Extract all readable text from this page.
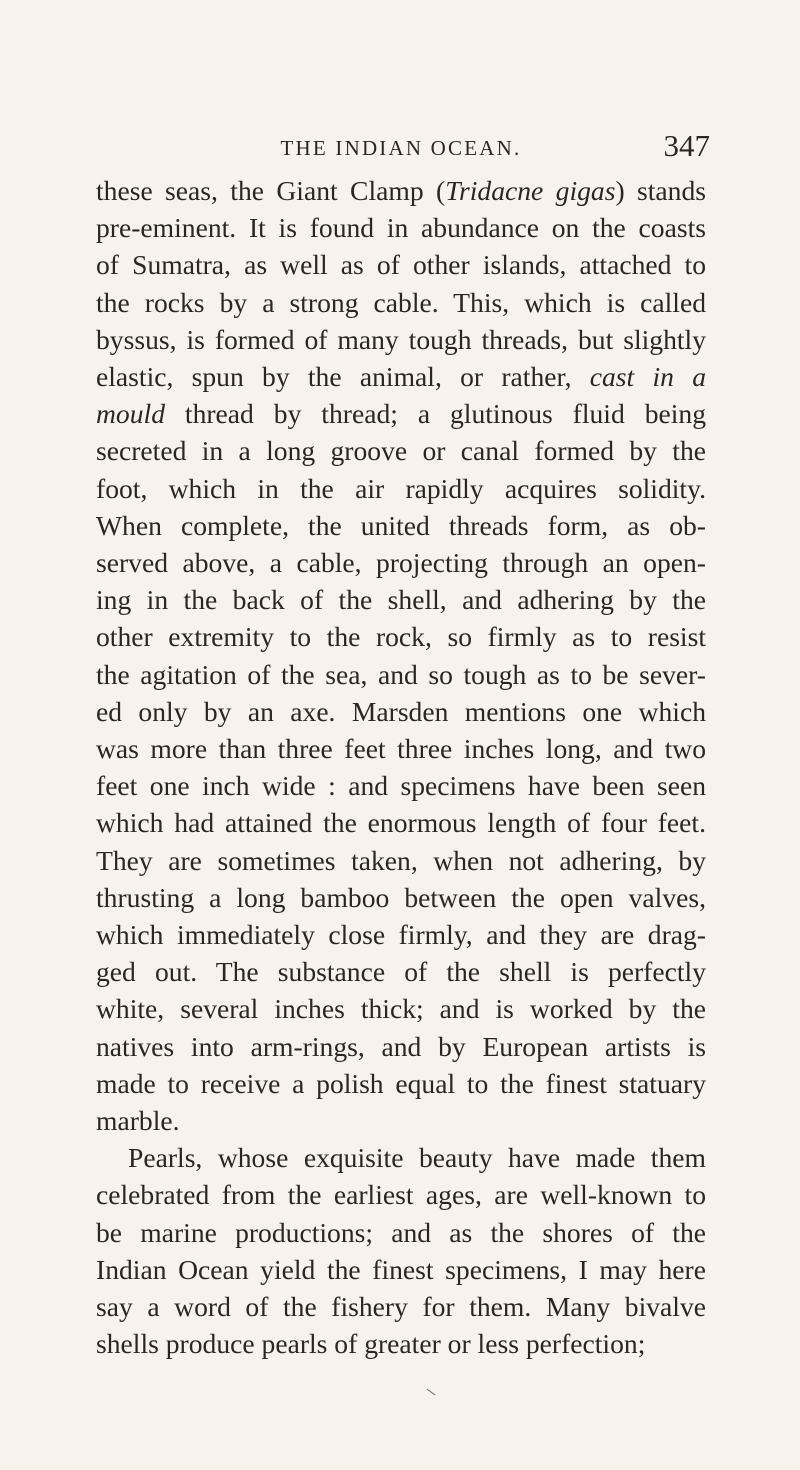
THE INDIAN OCEAN.	347

these seas, the Giant Clamp (Tridacne gigas) stands
pre-eminent. It is found in abundance on the coasts
of Sumatra, as well as of other islands, attached to
the rocks by a strong cable. This, which is called
byssus, is formed of many tough threads, but slightly
elastic, spun by the animal, or rather, cast in a
mould thread by thread; a glutinous fluid being
secreted in a long groove or canal formed by the
foot, which in the air rapidly acquires solidity.
When complete, the united threads form, as ob-
served above, a cable, projecting through an open-
ing in the back of the shell, and adhering by the
other extremity to the rock, so firmly as to resist
the agitation of the sea, and so tough as to be sever-
ed only by an axe. Marsden mentions one which
was more than three feet three inches long, and two
feet one inch wide : and specimens have been seen
which had attained the enormous length of four feet.
They are sometimes taken, when not adhering, by
thrusting a long bamboo between the open valves,
which immediately close firmly, and they are drag-
ged out. The substance of the shell is perfectly
white, several inches thick; and is worked by the
natives into arm-rings, and by European artists is
made to receive a polish equal to the finest statuary
marble.

Pearls, whose exquisite beauty have made them
celebrated from the earliest ages, are well-known to
be marine productions; and as the shores of the
Indian Ocean yield the finest specimens, I may here
say a word of the fishery for them. Many bivalve
shells produce pearls of greater or less perfection;
